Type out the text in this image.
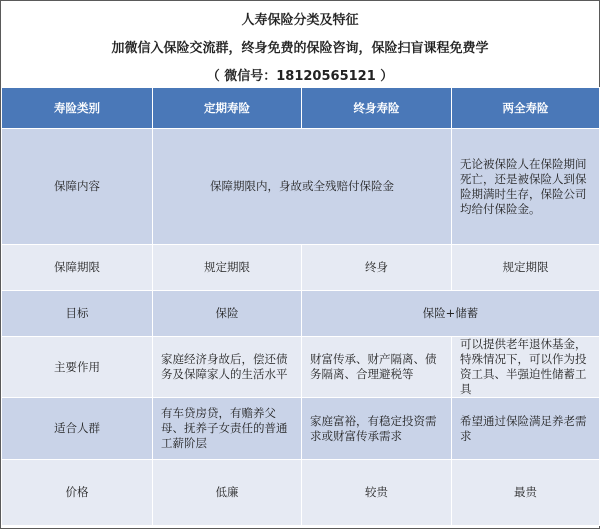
人寿保险分类及特征
加微信入保险交流群，终身免费的保险咨询，保险扫盲课程免费学
（ 微信号：18120565121 ）
寿险类别	定期寿险	终身寿险	两全寿险
保障内容	保障期限内，身故或全残赔付保险金		无论被保险人在保险期间死亡，还是被保险人到保险期满时生存，保险公司均给付保险金。
保障期限	规定期限	终身	规定期限
目标	保险	保险+储蓄	
主要作用	家庭经济身故后，偿还债务及保障家人的生活水平	财富传承、财产隔离、债务隔离、合理避税等	可以提供老年退休基金，特殊情况下，可以作为投资工具、半强迫性储蓄工具
适合人群	有车贷房贷，有赡养父母、抚养子女责任的普通工薪阶层	家庭富裕，有稳定投资需求或财富传承需求	希望通过保险满足养老需求
价格	低廉	较贵	最贵
